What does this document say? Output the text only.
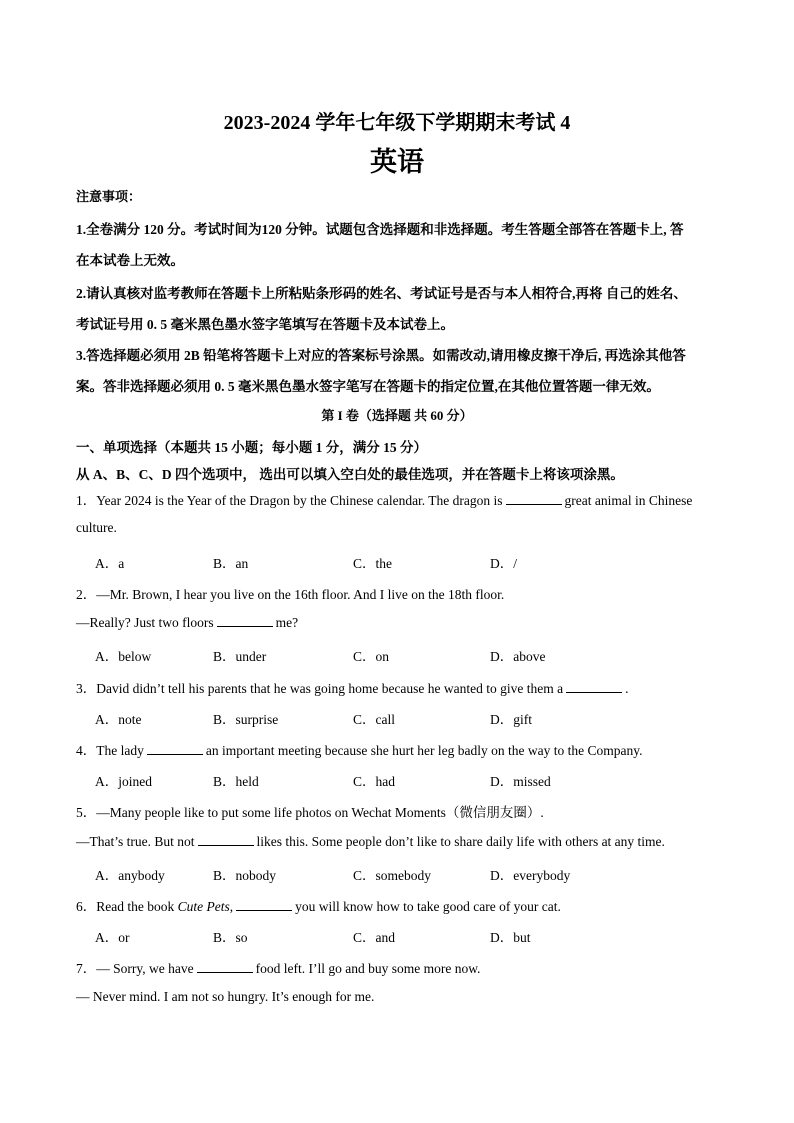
2023-2024 学年七年级下学期期末考试 4
英语
注意事项：
1.全卷满分 120 分。考试时间为120 分钟。试题包含选择题和非选择题。考生答题全部答在答题卡上, 答
在本试卷上无效。
2.请认真核对监考教师在答题卡上所粘贴条形码的姓名、考试证号是否与本人相符合,再将 自己的姓名、
考试证号用 0. 5 毫米黑色墨水签字笔填写在答题卡及本试卷上。
3.答选择题必须用 2B 铅笔将答题卡上对应的答案标号涂黑。如需改动,请用橡皮擦干净后, 再选涂其他答
案。答非选择题必须用 0. 5 毫米黑色墨水签字笔写在答题卡的指定位置,在其他位置答题一律无效。
第 I 卷（选择题 共 60 分）
一、单项选择（本题共 15 小题；每小题 1 分，满分 15 分）
从 A、B、C、D 四个选项中， 选出可以填入空白处的最佳选项，并在答题卡上将该项涂黑。
1．Year 2024 is the Year of the Dragon by the Chinese calendar. The dragon is	great animal in Chinese
culture.
A．a	B．an	C．the	D．/
2．—Mr. Brown, I hear you live on the 16th floor. And I live on the 18th floor.
—Really? Just two floors	me?
A．below	B．under	C．on	D．above
3．David didn’t tell his parents that he was going home because he wanted to give them a	.
A．note	B．surprise	C．call	D．gift
4．The lady	an important meeting because she hurt her leg badly on the way to the Company.
A．joined	B．held	C．had	D．missed
5．—Many people like to put some life photos on Wechat Moments（微信朋友圈）.
—That’s true. But not	likes this. Some people don’t like to share daily life with others at any time.
A．anybody	B．nobody	C．somebody	D．everybody
6．Read the book Cute Pets,	you will know how to take good care of your cat.
A．or	B．so	C．and	D．but
7．— Sorry, we have	food left. I’ll go and buy some more now.
— Never mind. I am not so hungry. It’s enough for me.
